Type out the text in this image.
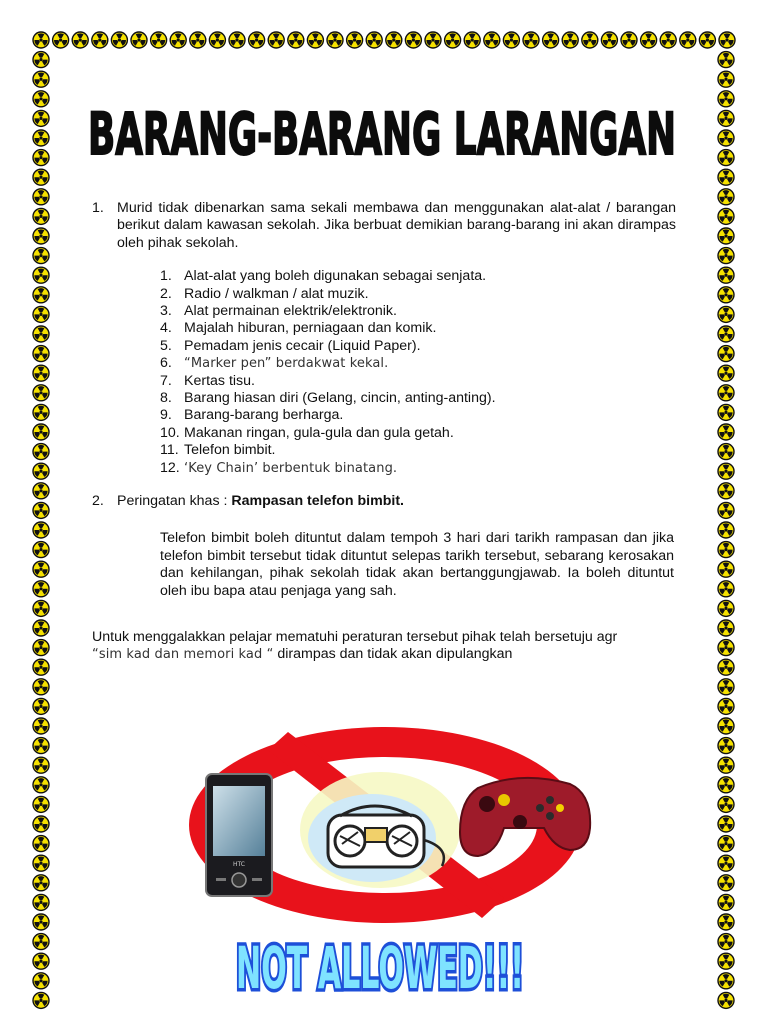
BARANG-BARANG LARANGAN
1. Murid tidak dibenarkan sama sekali membawa dan menggunakan alat-alat / barangan berikut dalam kawasan sekolah. Jika berbuat demikian barang-barang ini akan dirampas oleh pihak sekolah.
1. Alat-alat yang boleh digunakan sebagai senjata.
2. Radio / walkman / alat muzik.
3. Alat permainan elektrik/elektronik.
4. Majalah hiburan, perniagaan dan komik.
5. Pemadam jenis cecair (Liquid Paper).
6. “Marker pen” berdakwat kekal.
7. Kertas tisu.
8. Barang hiasan diri (Gelang, cincin, anting-anting).
9. Barang-barang berharga.
10. Makanan ringan, gula-gula dan gula getah.
11. Telefon bimbit.
12. ‘Key Chain’ berbentuk binatang.
2. Peringatan khas : Rampasan telefon bimbit.
Telefon bimbit boleh dituntut dalam tempoh 3 hari dari tarikh rampasan dan jika telefon bimbit tersebut tidak dituntut selepas tarikh tersebut, sebarang kerosakan dan kehilangan, pihak sekolah tidak akan bertanggungjawab. Ia boleh dituntut oleh ibu bapa atau penjaga yang sah.
Untuk menggalakkan pelajar mematuhi peraturan tersebut pihak telah bersetuju agr
“sim kad dan memori kad “ dirampas dan tidak akan dipulangkan
HTC
NOT ALLOWED!!!
